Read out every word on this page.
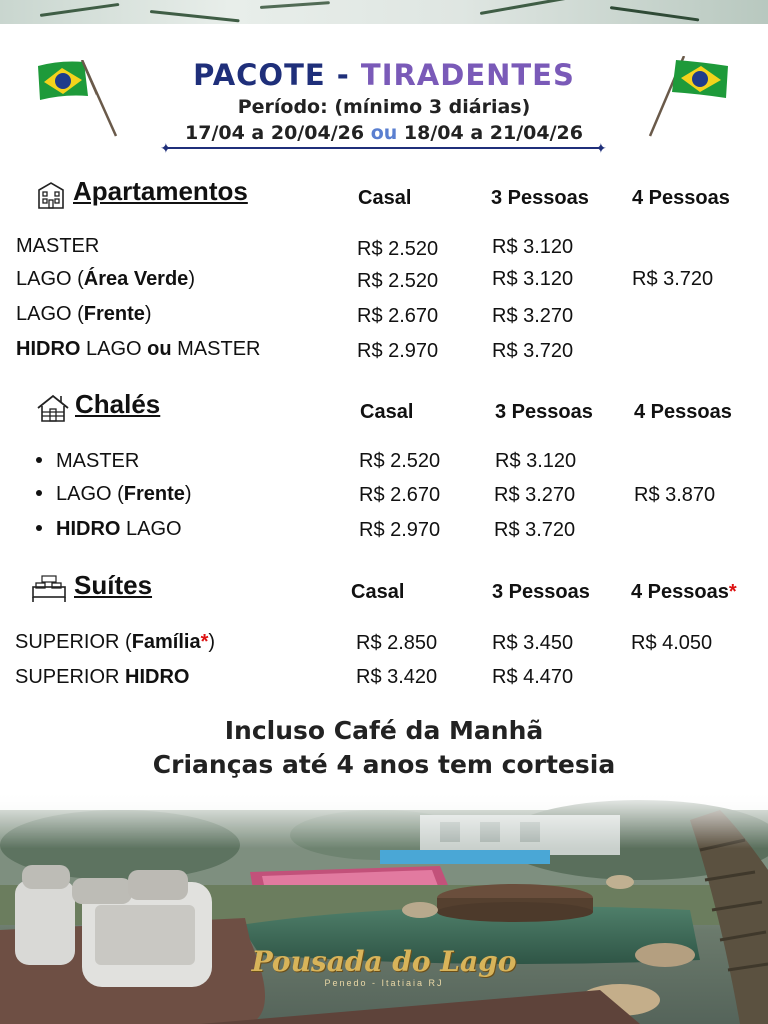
PACOTE - TIRADENTES
Período: (mínimo 3 diárias)
17/04 a 20/04/26 ou 18/04 a 21/04/26
✦	✦
Apartamentos	Casal	3 Pessoas 4 Pessoas
MASTER	R$ 2.520	R$ 3.120
LAGO (Área Verde)	R$ 2.520	R$ 3.120	R$ 3.720
LAGO (Frente)	R$ 2.670	R$ 3.270
HIDRO LAGO ou MASTER	R$ 2.970	R$ 3.720
Chalés	Casal	3 Pessoas 4 Pessoas
MASTER	R$ 2.520	R$ 3.120
LAGO (Frente)	R$ 2.670	R$ 3.270	R$ 3.870
HIDRO LAGO	R$ 2.970	R$ 3.720
Suítes	Casal	3 Pessoas 4 Pessoas*
SUPERIOR (Família*)	R$ 2.850	R$ 3.450	R$ 4.050
SUPERIOR HIDRO	R$ 3.420	R$ 4.470
Incluso Café da Manhã
Crianças até 4 anos tem cortesia
Pousada do Lago
Penedo - Itatiaia RJ
